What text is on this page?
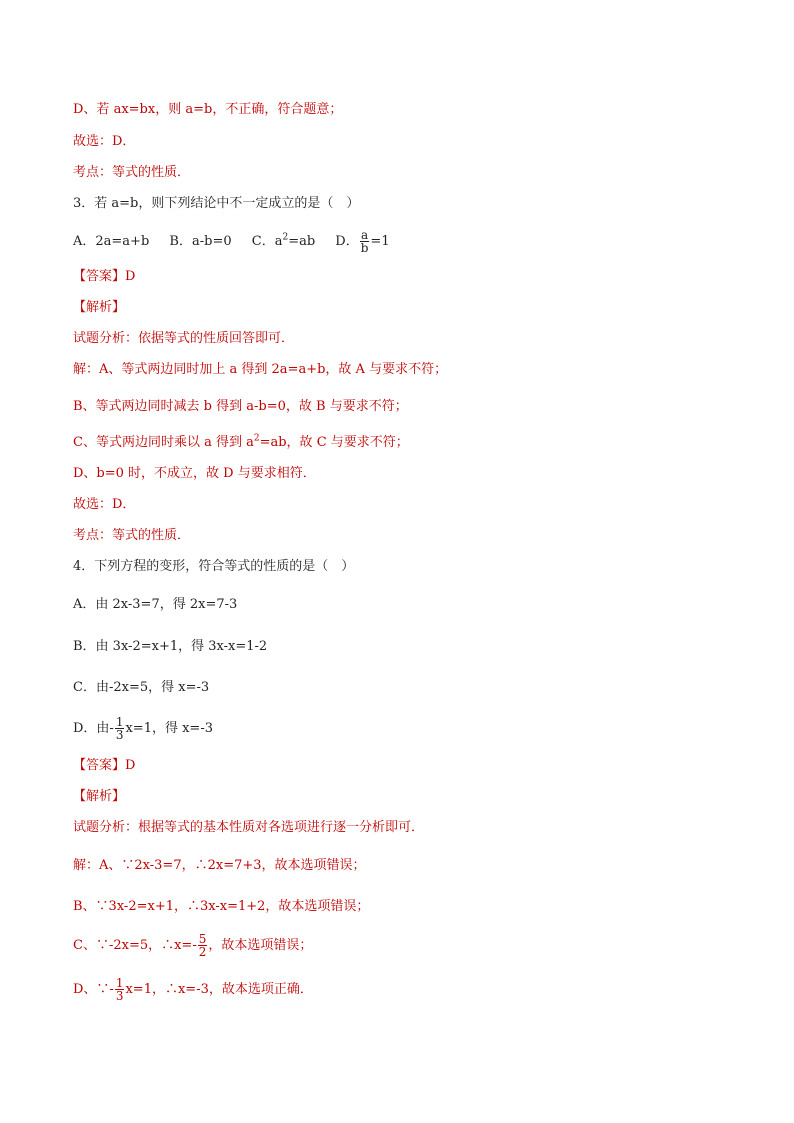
D、若 ax=bx，则 a=b，不正确，符合题意；
故选：D．
考点：等式的性质．
3．若 a=b，则下列结论中不一定成立的是（　）
A．2a=a+b B．a-b=0 C．$a^2=ab$ D． $\frac{a}{b} =1$
【答案】D
【解析】
试题分析：依据等式的性质回答即可．
解：A、等式两边同时加上 a 得到 2a=a+b，故 A 与要求不符；
B、等式两边同时减去 b 得到 a-b=0，故 B 与要求不符；
C、等式两边同时乘以 a 得到 $a^2=ab$，故 C 与要求不符；
D、b=0 时，不成立，故 D 与要求相符．
故选：D．
考点：等式的性质．
4．下列方程的变形，符合等式的性质的是（　）
A．由 2x-3=7，得 2x=7-3
B．由 3x-2=x+1，得 3x-x=1-2
C．由-2x=5，得 x=-3
D．由- $\frac{1}{3} x=1$，得 x=-3
【答案】D
【解析】
试题分析：根据等式的基本性质对各选项进行逐一分析即可．
解：A、∵2x-3=7，∴2x=7+3，故本选项错误；
B、∵3x-2=x+1，∴3x-x=1+2，故本选项错误；
C、∵-2x=5，∴x=- $\frac{5}{2}$ ，故本选项错误；
D、∵- $\frac{1}{3} x=1$，∴x=-3，故本选项正确．
